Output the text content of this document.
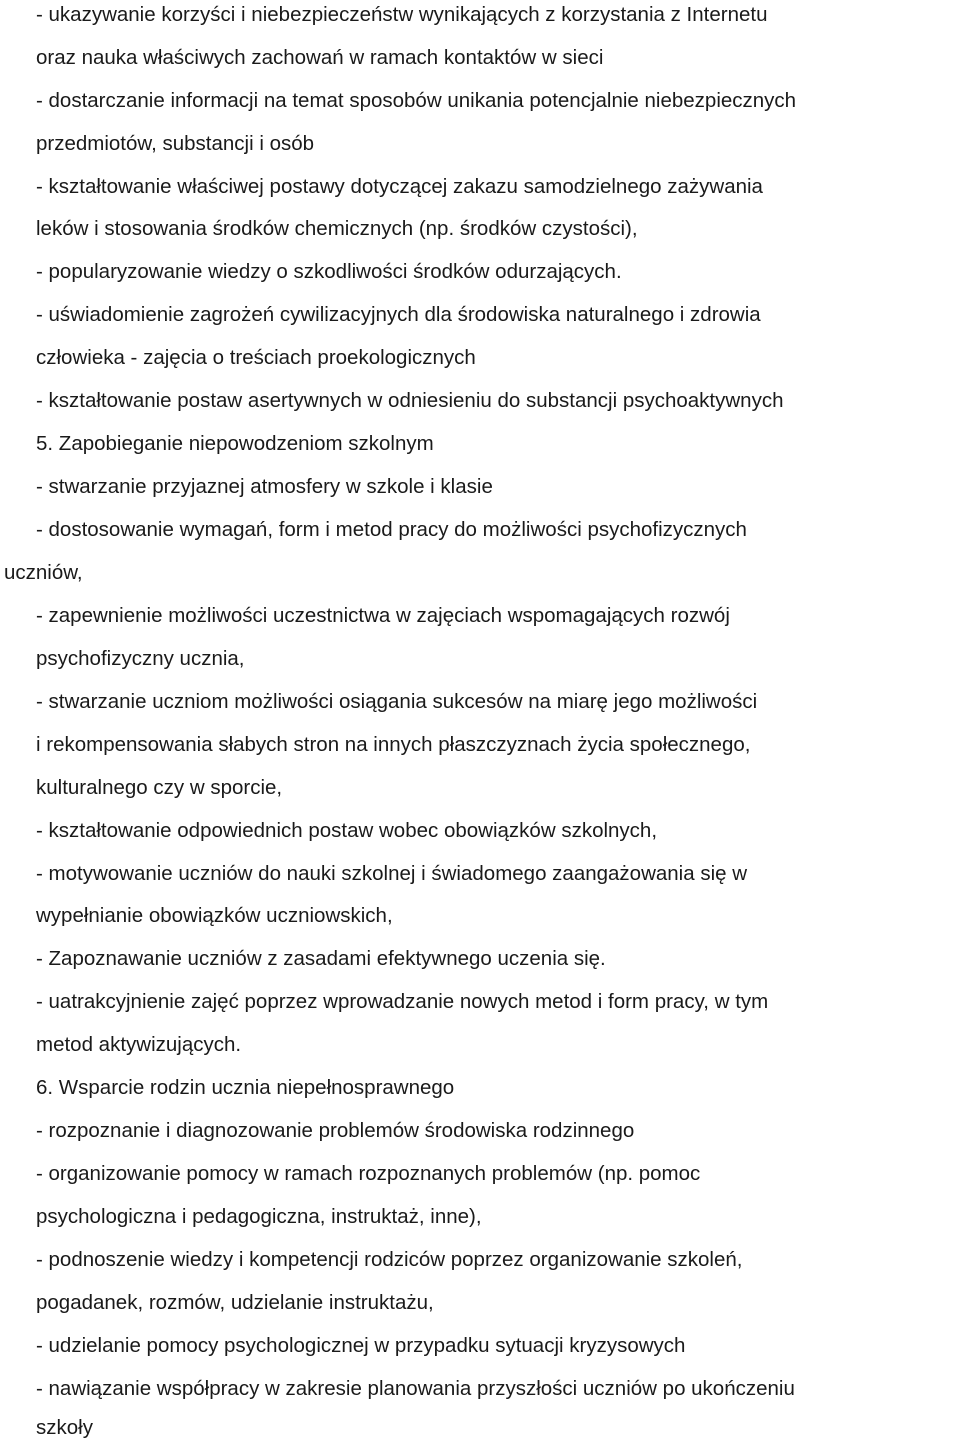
- ukazywanie korzyści i niebezpieczeństw wynikających z korzystania z Internetu
oraz nauka właściwych zachowań w ramach kontaktów w sieci
- dostarczanie informacji na temat sposobów unikania potencjalnie niebezpiecznych
przedmiotów, substancji i osób
- kształtowanie właściwej postawy dotyczącej zakazu samodzielnego zażywania
leków i stosowania środków chemicznych (np. środków czystości),
- popularyzowanie wiedzy o szkodliwości środków odurzających.
- uświadomienie zagrożeń cywilizacyjnych dla środowiska naturalnego i zdrowia
człowieka - zajęcia o treściach proekologicznych
- kształtowanie postaw asertywnych w odniesieniu do substancji psychoaktywnych
5. Zapobieganie niepowodzeniom szkolnym
- stwarzanie przyjaznej atmosfery w szkole i klasie
- dostosowanie wymagań, form i metod pracy do możliwości psychofizycznych
uczniów,
- zapewnienie możliwości uczestnictwa w zajęciach wspomagających rozwój
psychofizyczny ucznia,
- stwarzanie uczniom możliwości osiągania sukcesów na miarę jego możliwości
i rekompensowania słabych stron na innych płaszczyznach życia społecznego,
kulturalnego czy w sporcie,
- kształtowanie odpowiednich postaw wobec obowiązków szkolnych,
- motywowanie uczniów do nauki szkolnej i świadomego zaangażowania się w
wypełnianie obowiązków uczniowskich,
- Zapoznawanie uczniów z zasadami efektywnego uczenia się.
- uatrakcyjnienie zajęć poprzez wprowadzanie nowych metod i form pracy, w tym
metod aktywizujących.
6. Wsparcie rodzin ucznia niepełnosprawnego
- rozpoznanie i diagnozowanie problemów środowiska rodzinnego
- organizowanie pomocy w ramach rozpoznanych problemów (np. pomoc
psychologiczna i pedagogiczna, instruktaż, inne),
- podnoszenie wiedzy i kompetencji rodziców poprzez organizowanie szkoleń,
pogadanek, rozmów, udzielanie instruktażu,
- udzielanie pomocy psychologicznej w przypadku sytuacji kryzysowych
- nawiązanie współpracy w zakresie planowania przyszłości uczniów po ukończeniu
szkoły
